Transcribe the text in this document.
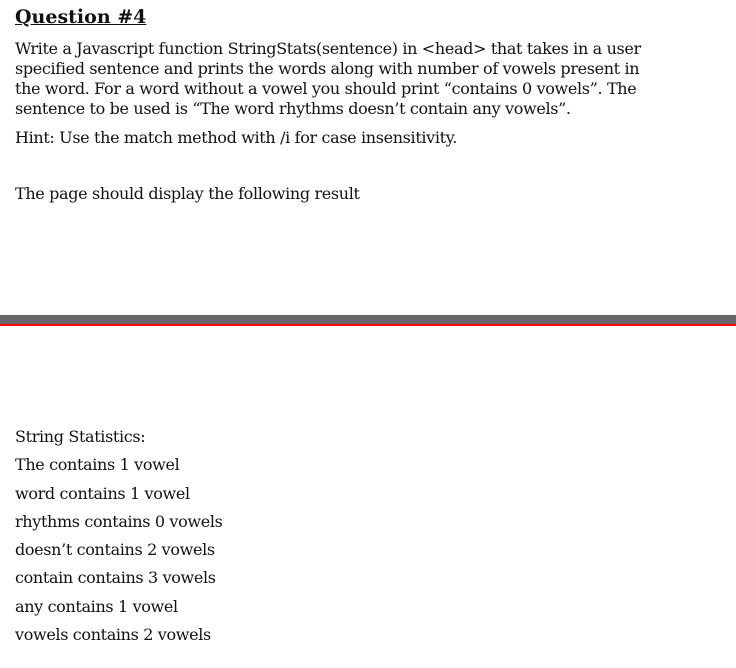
Question #4
Write a Javascript function StringStats(sentence) in <head> that takes in a user
specified sentence and prints the words along with number of vowels present in
the word. For a word without a vowel you should print “contains 0 vowels”. The
sentence to be used is “The word rhythms doesn’t contain any vowels”.
Hint: Use the match method with /i for case insensitivity.
The page should display the following result
String Statistics:
The contains 1 vowel
word contains 1 vowel
rhythms contains 0 vowels
doesn’t contains 2 vowels
contain contains 3 vowels
any contains 1 vowel
vowels contains 2 vowels
